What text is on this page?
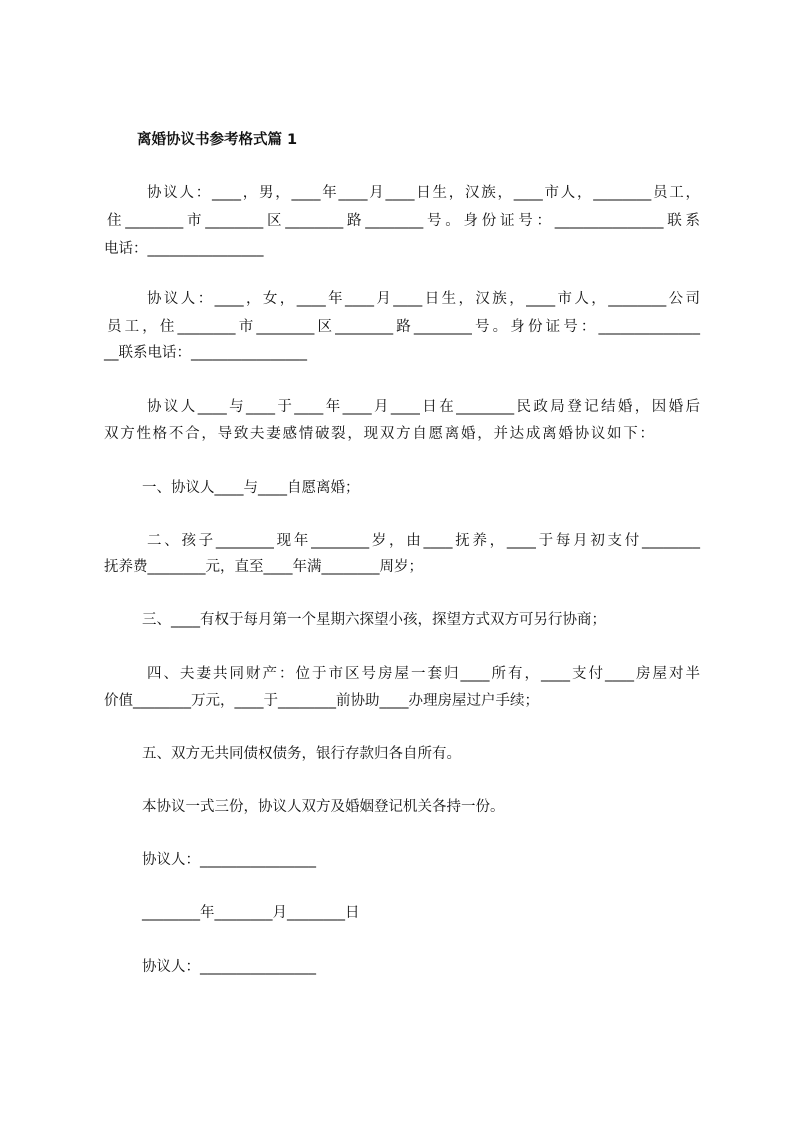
离婚协议书参考格式篇 1
协议人：____，男，____年____月____日生，汉族，____市人，________员工，
住________市________区________路________号。身份证号：_______________联系
电话：________________
协议人：____，女，____年____月____日生，汉族，____市人，________公司
员工，住________市________区________路________号。身份证号：______________
__联系电话：________________
协议人____与____于____年____月____日在________民政局登记结婚，因婚后
双方性格不合，导致夫妻感情破裂，现双方自愿离婚，并达成离婚协议如下：
一、协议人____与____自愿离婚；
二、孩子________现年________岁，由____抚养，____于每月初支付________
抚养费________元，直至____年满________周岁；
三、____有权于每月第一个星期六探望小孩，探望方式双方可另行协商；
四、夫妻共同财产：位于市区号房屋一套归____所有，____支付____房屋对半
价值________万元，____于________前协助____办理房屋过户手续；
五、双方无共同债权债务，银行存款归各自所有。
本协议一式三份，协议人双方及婚姻登记机关各持一份。
协议人：________________
________年________月________日
协议人：________________
